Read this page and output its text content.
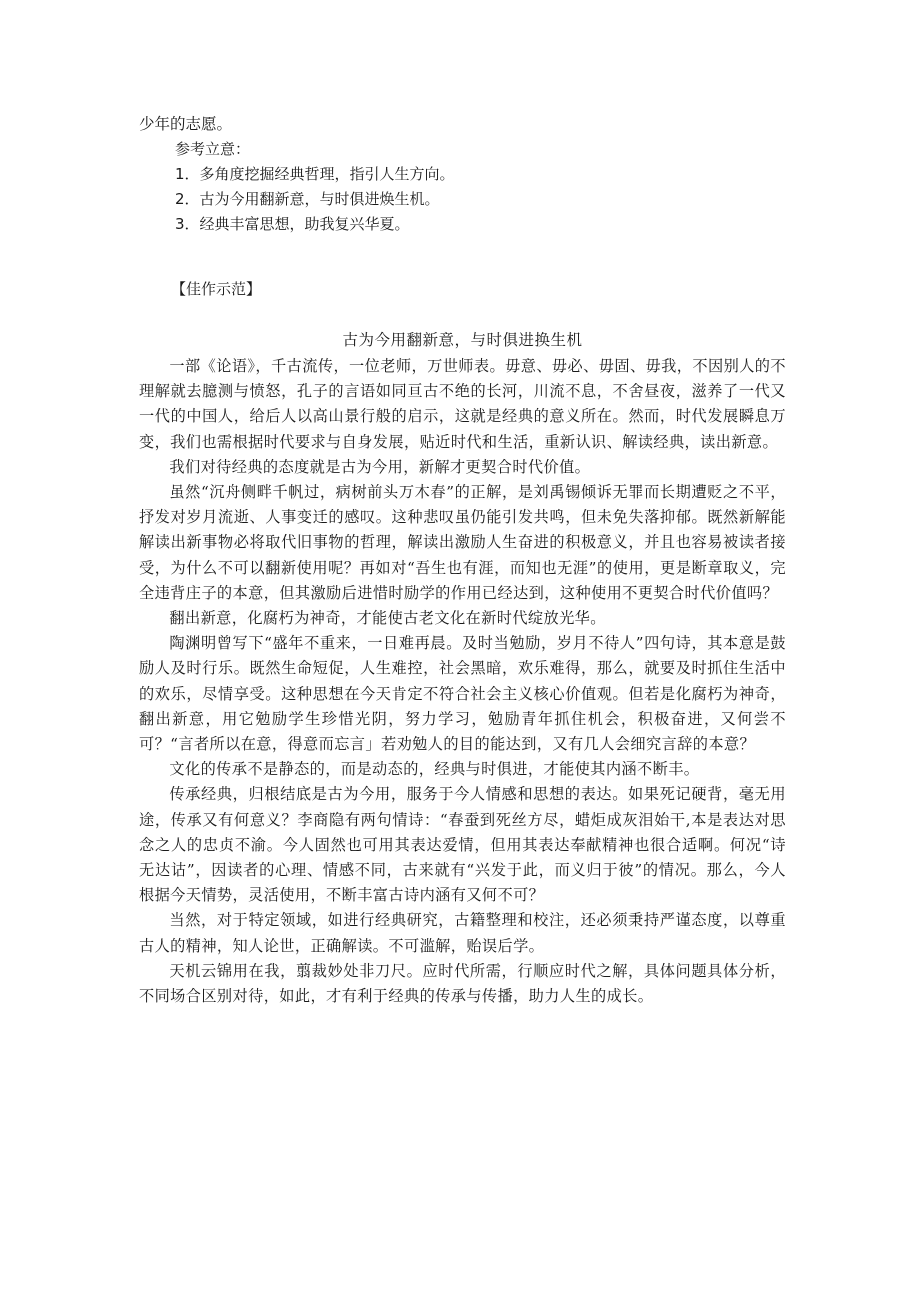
少年的志愿。

参考立意：

1．多角度挖掘经典哲理，指引人生方向。

2．古为今用翻新意，与时俱进焕生机。

3．经典丰富思想，助我复兴华夏。

【佳作示范】

古为今用翻新意，与时俱进换生机

一部《论语》，千古流传，一位老师，万世师表。毋意、毋必、毋固、毋我，不因别人的不理解就去臆测与愤怒，孔子的言语如同亘古不绝的长河，川流不息，不舍昼夜，滋养了一代又一代的中国人，给后人以高山景行般的启示，这就是经典的意义所在。然而，时代发展瞬息万变，我们也需根据时代要求与自身发展，贴近时代和生活，重新认识、解读经典，读出新意。

我们对待经典的态度就是古为今用，新解才更契合时代价值。

虽然“沉舟侧畔千帆过，病树前头万木春”的正解，是刘禹锡倾诉无罪而长期遭贬之不平，抒发对岁月流逝、人事变迁的感叹。这种悲叹虽仍能引发共鸣，但未免失落抑郁。既然新解能解读出新事物必将取代旧事物的哲理，解读出激励人生奋进的积极意义，并且也容易被读者接受，为什么不可以翻新使用呢？再如对“吾生也有涯，而知也无涯”的使用，更是断章取义，完全违背庄子的本意，但其激励后进惜时励学的作用已经达到，这种使用不更契合时代价值吗？

翻出新意，化腐朽为神奇，才能使古老文化在新时代绽放光华。

陶渊明曾写下“盛年不重来，一日难再晨。及时当勉励，岁月不待人”四句诗，其本意是鼓励人及时行乐。既然生命短促，人生难控，社会黑暗，欢乐难得，那么，就要及时抓住生活中的欢乐，尽情享受。这种思想在今天肯定不符合社会主义核心价值观。但若是化腐朽为神奇，翻出新意，用它勉励学生珍惜光阴，努力学习，勉励青年抓住机会，积极奋进，又何尝不可？“言者所以在意，得意而忘言」若劝勉人的目的能达到，又有几人会细究言辞的本意？

文化的传承不是静态的，而是动态的，经典与时俱进，才能使其内涵不断丰。

传承经典，归根结底是古为今用，服务于今人情感和思想的表达。如果死记硬背，毫无用途，传承又有何意义？李商隐有两句情诗：“春蚕到死丝方尽，蜡炬成灰泪始干,本是表达对思念之人的忠贞不渝。今人固然也可用其表达爱情，但用其表达奉献精神也很合适啊。何况“诗无达诂”，因读者的心理、情感不同，古来就有“兴发于此，而义归于彼”的情况。那么，今人根据今天情势，灵活使用，不断丰富古诗内涵有又何不可？

当然，对于特定领域，如进行经典研究，古籍整理和校注，还必须秉持严谨态度，以尊重古人的精神，知人论世，正确解读。不可滥解，贻误后学。

天机云锦用在我，翦裁妙处非刀尺。应时代所需，行顺应时代之解，具体问题具体分析，不同场合区别对待，如此，才有利于经典的传承与传播，助力人生的成长。
